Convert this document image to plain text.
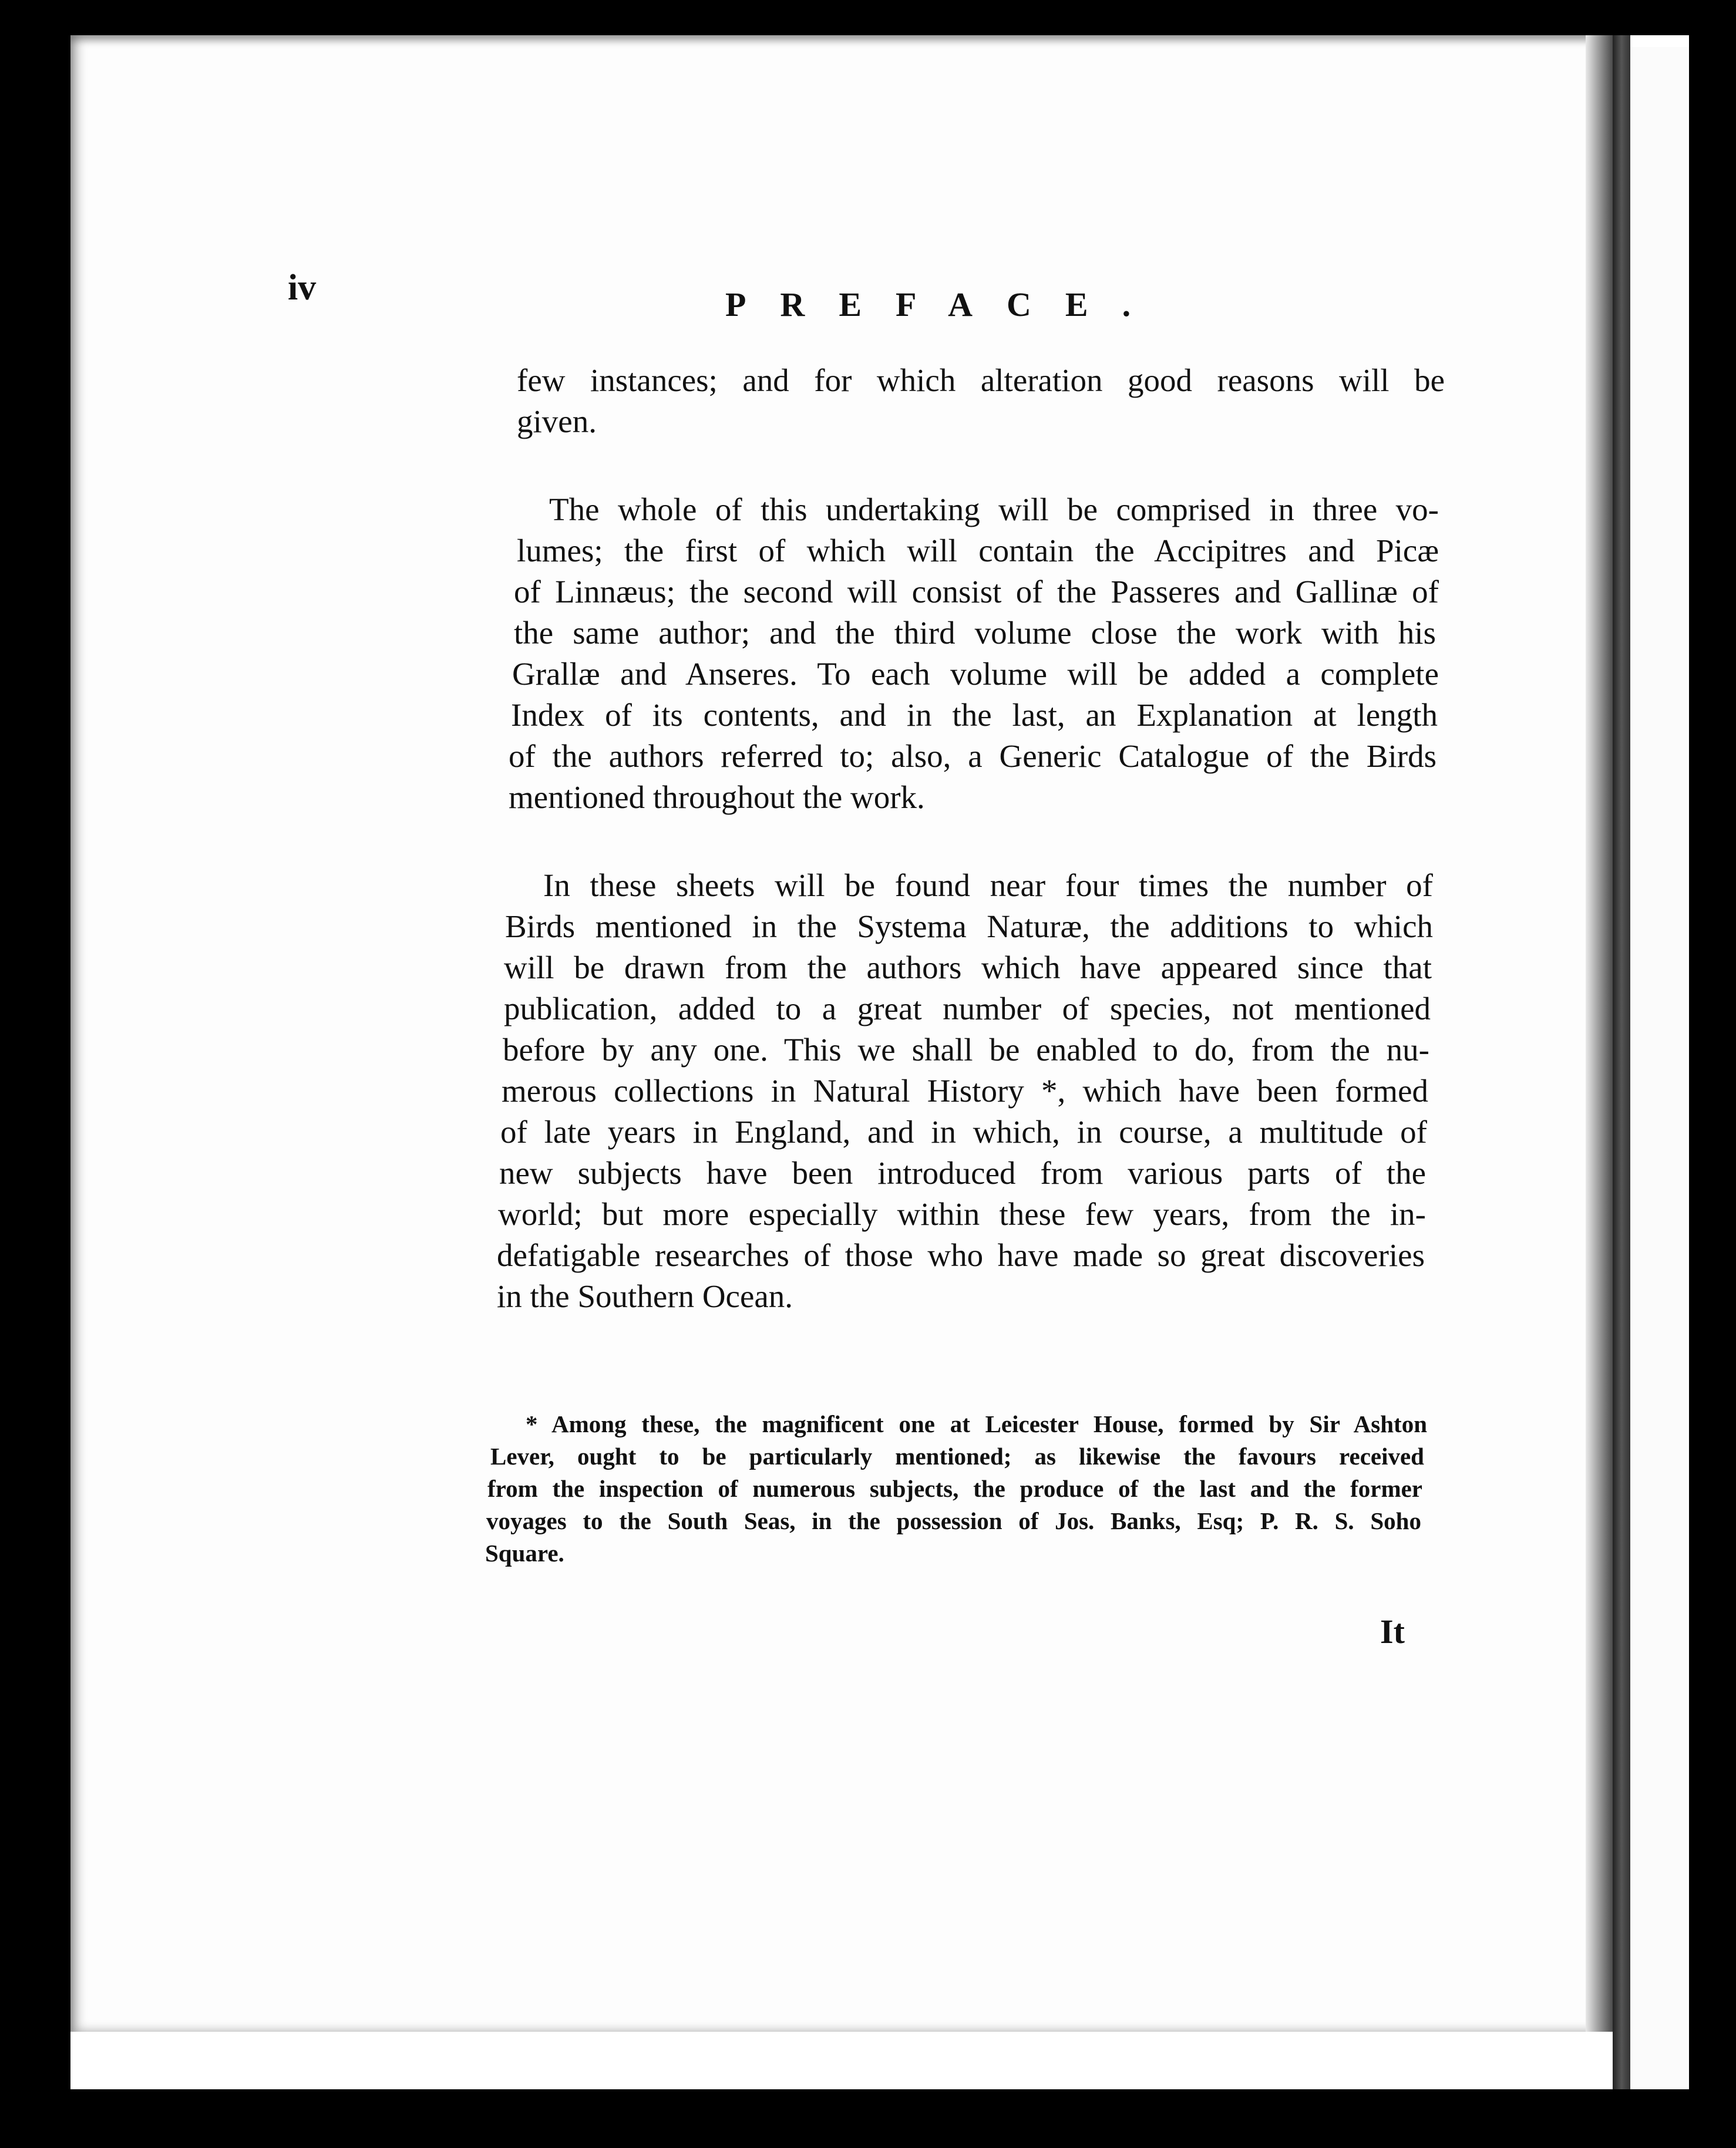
iv	PREFACE.
few instances; and for which alteration good reasons will be
given.
The whole of this undertaking will be comprised in three vo-
lumes; the first of which will contain the Accipitres and Picæ
of Linnæus; the second will consist of the Passeres and Gallinæ of
the same author; and the third volume close the work with his
Grallæ and Anseres. To each volume will be added a complete
Index of its contents, and in the last, an Explanation at length
of the authors referred to; also, a Generic Catalogue of the Birds
mentioned throughout the work.
In these sheets will be found near four times the number of
Birds mentioned in the Systema Naturæ, the additions to which
will be drawn from the authors which have appeared since that
publication, added to a great number of species, not mentioned
before by any one. This we shall be enabled to do, from the nu-
merous collections in Natural History *, which have been formed
of late years in England, and in which, in course, a multitude of
new subjects have been introduced from various parts of the
world; but more especially within these few years, from the in-
defatigable researches of those who have made so great discoveries
in the Southern Ocean.
* Among these, the magnificent one at Leicester House, formed by Sir Ashton
Lever, ought to be particularly mentioned; as likewise the favours received
from the inspection of numerous subjects, the produce of the last and the former
voyages to the South Seas, in the possession of Jos. Banks, Esq; P. R. S. Soho
Square.
It
